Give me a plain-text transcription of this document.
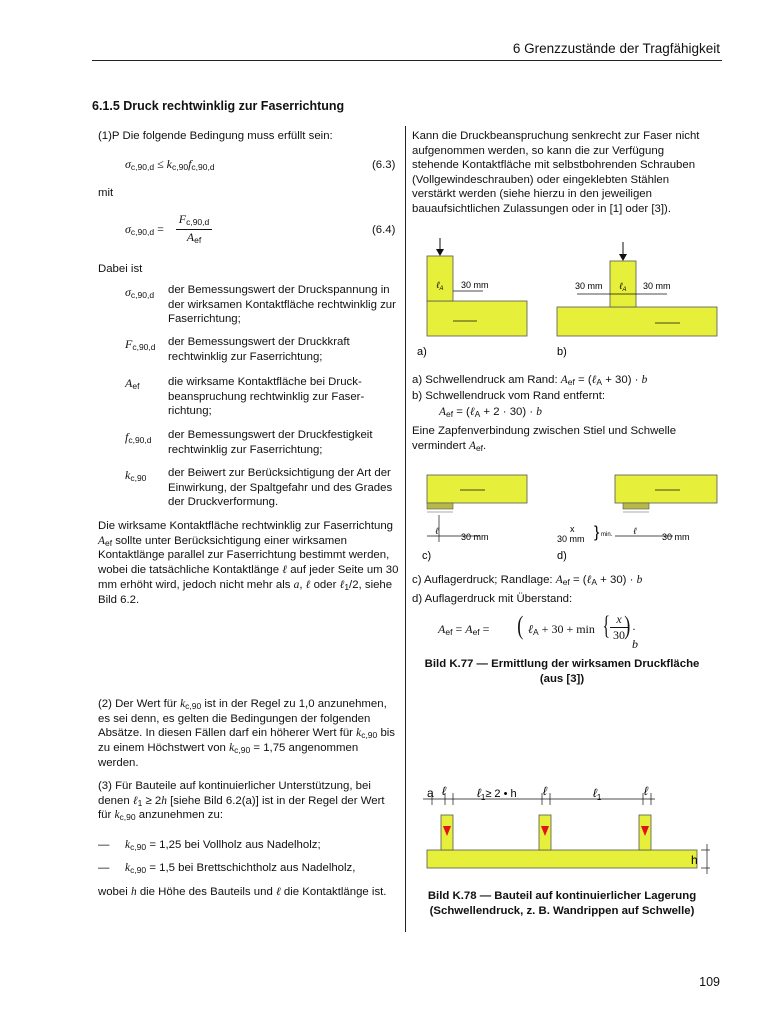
6 Grenzzustände der Tragfähigkeit
6.1.5 Druck rechtwinklig zur Faserrichtung
(1)P Die folgende Bedingung muss erfüllt sein:
$\sigma_{c,90,d} \le k_{c,90}f_{c,90,d}$	(6.3)
mit
$\sigma_{c,90,d}$ =
$F_{c,90,d}$
$A_{ef}$
(6.4)
Dabei ist
$\sigma_{c,90,d}$ der Bemessungswert der Druckspannung in der wirksamen Kontaktfläche rechtwinklig zur Faserrichtung;
$F_{c,90,d}$ der Bemessungswert der Druckkraft rechtwinklig zur Faserrichtung;
$A_{ef}$	die wirksame Kontaktfläche bei Druckbeanspruchung rechtwinklig zur Faserrichtung;
$f_{c,90,d}$ der Bemessungswert der Druckfestigkeit rechtwinklig zur Faserrichtung;
$k_{c,90}$ der Beiwert zur Berücksichtigung der Art der Einwirkung, der Spaltgefahr und des Grades der Druckverformung.
Die wirksame Kontaktfläche rechtwinklig zur Faserrichtung $A_{ef}$ sollte unter Berücksichtigung einer wirksamen Kontaktlänge parallel zur Faserrichtung bestimmt werden, wobei die tatsächliche Kontaktlänge ℓ auf jeder Seite um 30 mm erhöht wird, jedoch nicht mehr als a, ℓ oder ℓ$_1$/2, siehe Bild 6.2.
(2) Der Wert für $k_{c,90}$ ist in der Regel zu 1,0 anzunehmen, es sei denn, es gelten die Bedingungen der folgenden Absätze. In diesen Fällen darf ein höherer Wert für $k_{c,90}$ bis zu einem Höchstwert von $k_{c,90} = 1,75$ angenommen werden.
(3) Für Bauteile auf kontinuierlicher Unterstützung, bei denen ℓ$_1$ ≥ 2h [siehe Bild 6.2(a)] ist in der Regel der Wert für $k_{c,90}$ anzunehmen zu:
— $k_{c,90} = 1,25$ bei Vollholz aus Nadelholz;
— $k_{c,90} = 1,5$ bei Brettschichtholz aus Nadelholz,
wobei h die Höhe des Bauteils und ℓ die Kontaktlänge ist.
Kann die Druckbeanspruchung senkrecht zur Faser nicht aufgenommen werden, so kann die zur Verfügung stehende Kontaktfläche mit selbstbohrenden Schrauben (Vollgewindeschrauben) oder eingeklebten Stählen verstärkt werden (siehe hierzu in den jeweiligen bauaufsichtlichen Zulassungen oder in [1] oder [3]).
ℓ$_A$ 30 mm
a)
30 mm ℓ$_A$ 30 mm
b)
a) Schwellendruck am Rand: $A_{ef}$ = (ℓ$_A$ + 30) · b
b) Schwellendruck vom Rand entfernt:
$A_{ef}$ = (ℓ$_A$ + 2 · 30) · b
Eine Zapfenverbindung zwischen Stiel und Schwelle vermindert $A_{ef}$.
ℓ
30 mm
c)
ℓ
30 mm
x
30 mm } min.
d)
c) Auflagerdruck; Randlage: $A_{ef}$ = (ℓ$_A$ + 30) · b
d) Auflagerdruck mit Überstand:
$A_{ef} = A_{ef}$ = ( ℓ$_A$ + 30 + min { x
30 ) · b
Bild K.77 — Ermittlung der wirksamen Druckfläche (aus [3])
a ℓ	ℓ$_1$≥ 2 • h ℓ	ℓ$_1$	ℓ
h
Bild K.78 — Bauteil auf kontinuierlicher Lagerung (Schwellendruck, z. B. Wandrippen auf Schwelle)
109
